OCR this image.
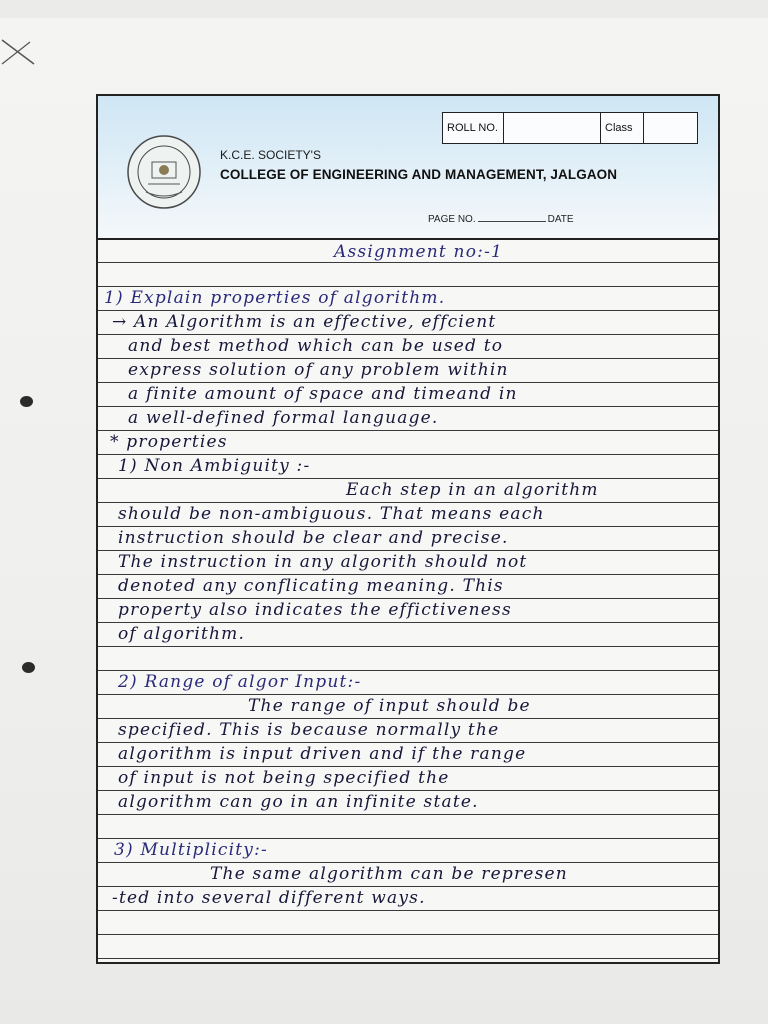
ROLL NO.	Class
K.C.E. SOCIETY'S
COLLEGE OF ENGINEERING AND MANAGEMENT, JALGAON
PAGE NO.	DATE
Assignment no:-1
1) Explain properties of algorithm.
→ An Algorithm is an effective, effcient
and best method which can be used to
express solution of any problem within
a finite amount of space and timeand in
a well-defined formal language.
* properties
1) Non Ambiguity :-
Each step in an algorithm
should be non-ambiguous. That means each
instruction should be clear and precise.
The instruction in any algorith should not
denoted any conflicating meaning. This
property also indicates the effictiveness
of algorithm.
2) Range of algor Input:-
The range of input should be
specified. This is because normally the
algorithm is input driven and if the range
of input is not being specified the
algorithm can go in an infinite state.
3) Multiplicity:-
The same algorithm can be represen
-ted into several different ways.
